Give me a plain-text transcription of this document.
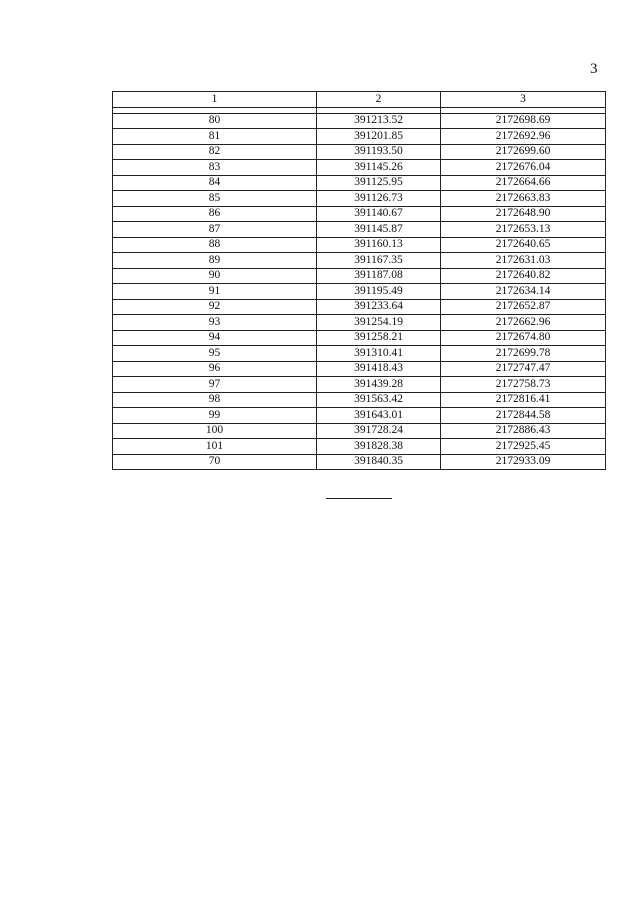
3
1	2	3

80	391213.52	2172698.69
81	391201.85	2172692.96
82	391193.50	2172699.60
83	391145.26	2172676.04
84	391125.95	2172664.66
85	391126.73	2172663.83
86	391140.67	2172648.90
87	391145.87	2172653.13
88	391160.13	2172640.65
89	391167.35	2172631.03
90	391187.08	2172640.82
91	391195.49	2172634.14
92	391233.64	2172652.87
93	391254.19	2172662.96
94	391258.21	2172674.80
95	391310.41	2172699.78
96	391418.43	2172747.47
97	391439.28	2172758.73
98	391563.42	2172816.41
99	391643.01	2172844.58
100	391728.24	2172886.43
101	391828.38	2172925.45
70	391840.35	2172933.09
